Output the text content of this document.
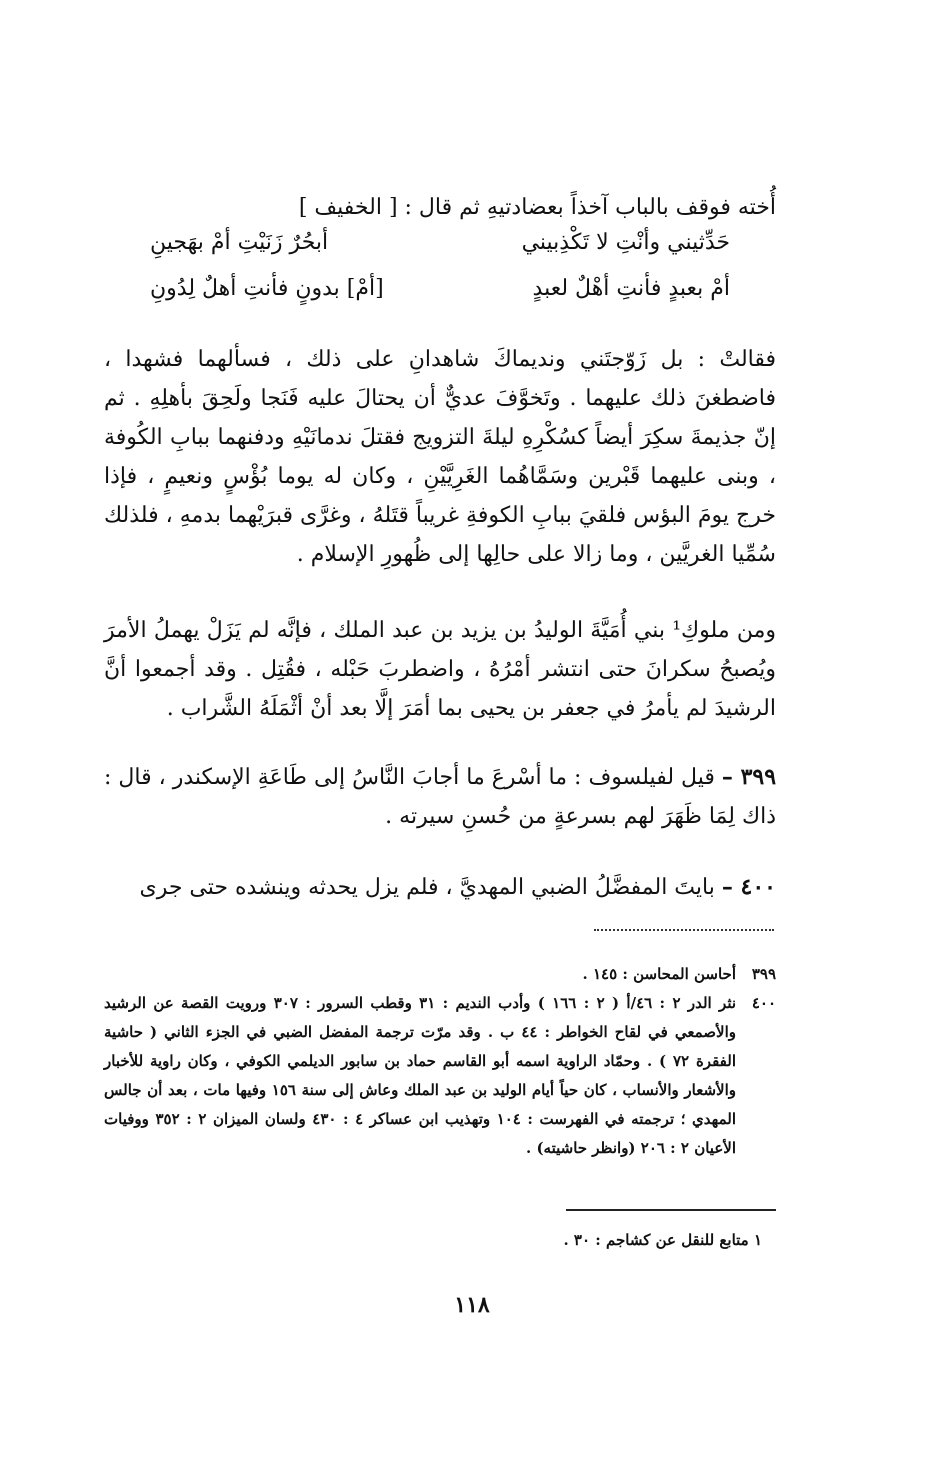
أُخته فوقف بالباب آخذاً بعضادتيهِ ثم قال : [ الخفيف ]
حَدِّثيني وأنْتِ لا تَكْذِبيني
أبحُرٌ زَنَيْتِ أمْ بهَجينِ
أمْ بعبدٍ فأنتِ أهْلٌ لعبدٍ
[أمْ] بدونٍ فأنتِ أهلٌ لِدُونِ
فقالتْ : بل زَوّجتَني ونديماكَ شاهدانِ على ذلك ، فسألهما فشهدا ، فاضطغنَ ذلك عليهما . وتَخوَّفَ عديٌّ أن يحتالَ عليه فَنَجا ولَحِقَ بأهلِهِ . ثم إنّ جذيمةَ سكِرَ أيضاً كسُكْرِهِ ليلةَ التزويج فقتلَ ندمانَيْهِ ودفنهما ببابِ الكُوفة ، وبنى عليهما قَبْرين وسَمَّاهُما الغَرِيَّيْنِ ، وكان له يوما بُؤْسٍ ونعيمٍ ، فإذا خرج يومَ البؤس فلقيَ ببابِ الكوفةِ غريباً قتَلهُ ، وغرَّى قبرَيْهما بدمهِ ، فلذلك سُمِّيا الغريَّين ، وما زالا على حالِها إلى ظُهورِ الإسلام .
ومن ملوكِ¹ بني أُمَيَّةَ الوليدُ بن يزيد بن عبد الملك ، فإنَّه لم يَزَلْ يهملُ الأمرَ ويُصبحُ سكرانَ حتى انتشر أمْرُهُ ، واضطربَ حَبْله ، فقُتِل . وقد أجمعوا أنَّ الرشيدَ لم يأمرُ في جعفر بن يحيى بما أمَرَ إلَّا بعد أنْ أثْمَلَهُ الشَّراب .
٣٩٩ – قيل لفيلسوف : ما أسْرعَ ما أجابَ النَّاسُ إلى طَاعَةِ الإسكندر ، قال : ذاك لِمَا ظَهَرَ لهم بسرعةٍ من حُسنِ سيرته .
٤٠٠ – بايتَ المفضَّلُ الضبي المهديَّ ، فلم يزل يحدثه وينشده حتى جرى
٣٩٩
أحاسن المحاسن : ١٤٥ .
٤٠٠
نثر الدر ٢ : ٤٦/أ ( ٢ : ١٦٦ ) وأدب النديم : ٣١ وقطب السرور : ٣٠٧ ورويت القصة عن الرشيد والأصمعي في لقاح الخواطر : ٤٤ ب . وقد مرّت ترجمة المفضل الضبي في الجزء الثاني ( حاشية الفقرة ٧٢ ) . وحمّاد الراوية اسمه أبو القاسم حماد بن سابور الديلمي الكوفي ، وكان راوية للأخبار والأشعار والأنساب ، كان حياً أيام الوليد بن عبد الملك وعاش إلى سنة ١٥٦ وفيها مات ، بعد أن جالس المهدي ؛ ترجمته في الفهرست : ١٠٤ وتهذيب ابن عساكر ٤ : ٤٣٠ ولسان الميزان ٢ : ٣٥٢ ووفيات الأعيان ٢ : ٢٠٦ (وانظر حاشيته) .
١ متابع للنقل عن كشاجم : ٣٠ .
١١٨
